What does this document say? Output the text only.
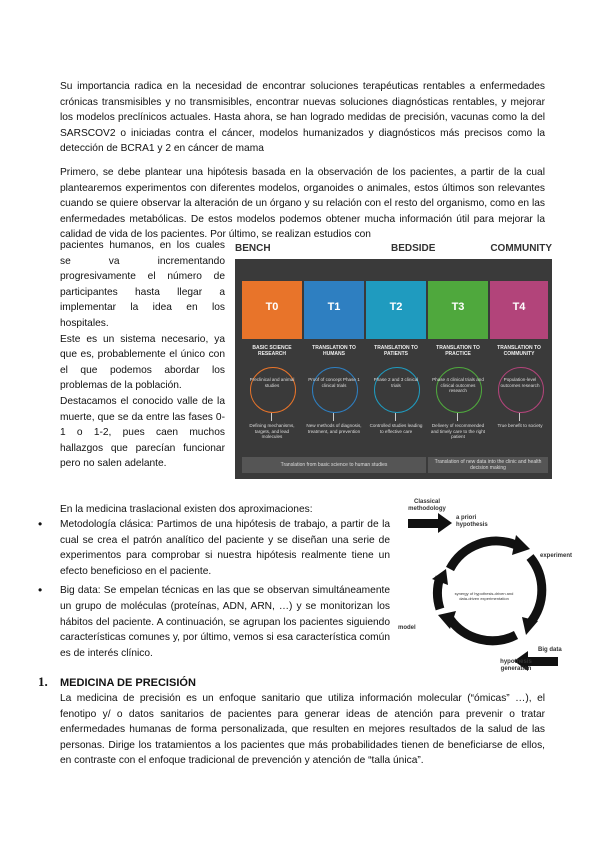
Su importancia radica en la necesidad de encontrar soluciones terapéuticas rentables a enfermedades crónicas transmisibles y no transmisibles, encontrar nuevas soluciones diagnósticas rentables, y mejorar los modelos preclínicos actuales. Hasta ahora, se han logrado medidas de precisión, vacunas como la del SARSCOV2 o iniciadas contra el cáncer, modelos humanizados y diagnósticos más precisos como la detección de BCRA1 y 2 en cáncer de mama

Primero, se debe plantear una hipótesis basada en la observación de los pacientes, a partir de la cual plantearemos experimentos con diferentes modelos, organoides o animales, estos últimos son relevantes cuando se quiere observar la alteración de un órgano y su relación con el resto del organismo, como en las enfermedades metabólicas. De estos modelos podemos obtener mucha información útil para mejorar la calidad de vida de los pacientes. Por último, se realizan estudios con

pacientes humanos, en los cuales se va incrementando progresivamente el número de participantes hasta llegar a implementar la idea en los hospitales.

Este es un sistema necesario, ya que es, probablemente el único con el que podemos abordar los problemas de la población.

Destacamos el conocido valle de la muerte, que se da entre las fases 0-1 o 1-2, pues caen muchos hallazgos que parecían funcionar pero no salen adelante.

BENCH	BEDSIDE	COMMUNITY
T0
BASIC SCIENCE RESEARCH
Preclinical and animal studies
Defining mechanisms, targets, and lead molecules
T1
TRANSLATION TO HUMANS
Proof of concept Phase 1 clinical trials
New methods of diagnosis, treatment, and prevention
T2
TRANSLATION TO PATIENTS
Phase 2 and 3 clinical trials
Controlled studies leading to effective care
T3
TRANSLATION TO PRACTICE
Phase 4 clinical trials and clinical outcomes research
Delivery of recommended and timely care to the right patient
T4
TRANSLATION TO COMMUNITY
Population-level outcomes research
True benefit to society
Translation from basic science to human studies	Translation of new data into the clinic and health decision making

En la medicina traslacional existen dos aproximaciones:

• Metodología clásica: Partimos de una hipótesis de trabajo, a partir de la cual se crea el patrón analítico del paciente y se diseñan una serie de experimentos para comprobar si nuestra hipótesis realmente tiene un efecto beneficioso en el paciente.
• Big data: Se empelan técnicas en las que se observan simultáneamente un grupo de moléculas (proteínas, ADN, ARN, …) y se monitorizan los hábitos del paciente. A continuación, se agrupan los pacientes siguiendo características comunes y, por último, vemos si esa característica común es de interés clínico.
Classical methodology
a priori hypothesis
experiment
synergy of hypothesis-driven and data-driven experimentation
model
Big data
hypothesis generation
1. MEDICINA DE PRECISIÓN

La medicina de precisión es un enfoque sanitario que utiliza información molecular (“ómicas” …), el fenotipo y/ o datos sanitarios de pacientes para generar ideas de atención para prevenir o tratar enfermedades humanas de forma personalizada, que resulten en mejores resultados de la salud de las personas. Dirige los tratamientos a los pacientes que más probabilidades tienen de beneficiarse de ellos, en contraste con el enfoque tradicional de prevención y atención de “talla única”.
